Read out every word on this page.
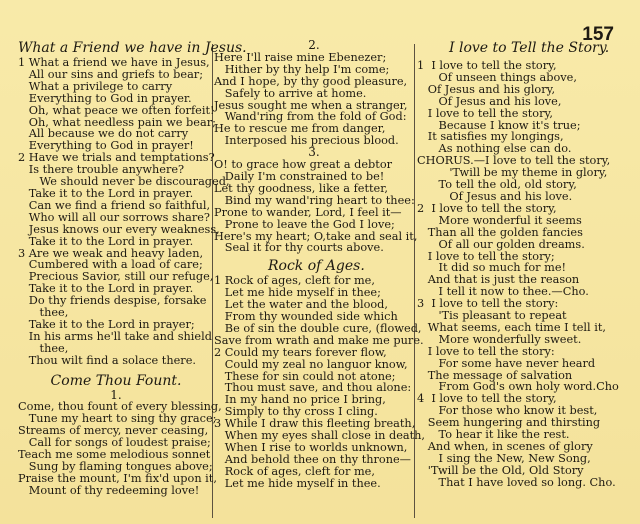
157
What a Friend we have in Jesus.
1 What a friend we have in Jesus,
All our sins and griefs to bear;
What a privilege to carry
Everything to God in prayer.
Oh, what peace we often forfeit!
Oh, what needless pain we bear;
All because we do not carry
Everything to God in prayer!
2 Have we trials and temptations?
Is there trouble anywhere?
We should never be discouraged,
Take it to the Lord in prayer.
Can we find a friend so faithful,
Who will all our sorrows share?
Jesus knows our every weakness,
Take it to the Lord in prayer.
3 Are we weak and heavy laden,
Cumbered with a load of care;
Precious Savior, still our refuge,
Take it to the Lord in prayer.
Do thy friends despise, forsake
thee,
Take it to the Lord in prayer;
In his arms he'll take and shield
thee,
Thou wilt find a solace there.
Come Thou Fount.
1.
Come, thou fount of every blessing,
Tune my heart to sing thy grace;
Streams of mercy, never ceasing,
Call for songs of loudest praise;
Teach me some melodious sonnet
Sung by flaming tongues above;
Praise the mount, I'm fix'd upon it,
Mount of thy redeeming love!
2.
Here I'll raise mine Ebenezer;
Hither by thy help I'm come;
And I hope, by thy good pleasure,
Safely to arrive at home.
Jesus sought me when a stranger,
Wand'ring from the fold of God:
He to rescue me from danger,
Interposed his precious blood.
3.
O! to grace how great a debtor
Daily I'm constrained to be!
Let thy goodness, like a fetter,
Bind my wand'ring heart to thee:
Prone to wander, Lord, I feel it—
Prone to leave the God I love;
Here's my heart; O,take and seal it,
Seal it for thy courts above.
Rock of Ages.
1 Rock of ages, cleft for me,
Let me hide myself in thee;
Let the water and the blood,
From thy wounded side which
Be of sin the double cure, (flowed,
Save from wrath and make me pure.
2 Could my tears forever flow,
Could my zeal no languor know,
These for sin could not atone;
Thou must save, and thou alone:
In my hand no price I bring,
Simply to thy cross I cling.
3 While I draw this fleeting breath,
When my eyes shall close in death,
When I rise to worlds unknown,
And behold thee on thy throne—
Rock of ages, cleft for me,
Let me hide myself in thee.
I love to Tell the Story.
1  I love to tell the story,
Of unseen things above,
Of Jesus and his glory,
Of Jesus and his love,
I love to tell the story,
Because I know it's true;
It satisfies my longings,
As nothing else can do.
CHORUS.—I love to tell the story,
'Twill be my theme in glory,
To tell the old, old story,
Of Jesus and his love.
2  I love to tell the story,
More wonderful it seems
Than all the golden fancies
Of all our golden dreams.
I love to tell the story;
It did so much for me!
And that is just the reason
I tell it now to thee.—Cho.
3  I love to tell the story:
'Tis pleasant to repeat
What seems, each time I tell it,
More wonderfully sweet.
I love to tell the story:
For some have never heard
The message of salvation
From God's own holy word.Cho
4  I love to tell the story,
For those who know it best,
Seem hungering and thirsting
To hear it like the rest.
And when, in scenes of glory
I sing the New, New Song,
'Twill be the Old, Old Story
That I have loved so long. Cho.
